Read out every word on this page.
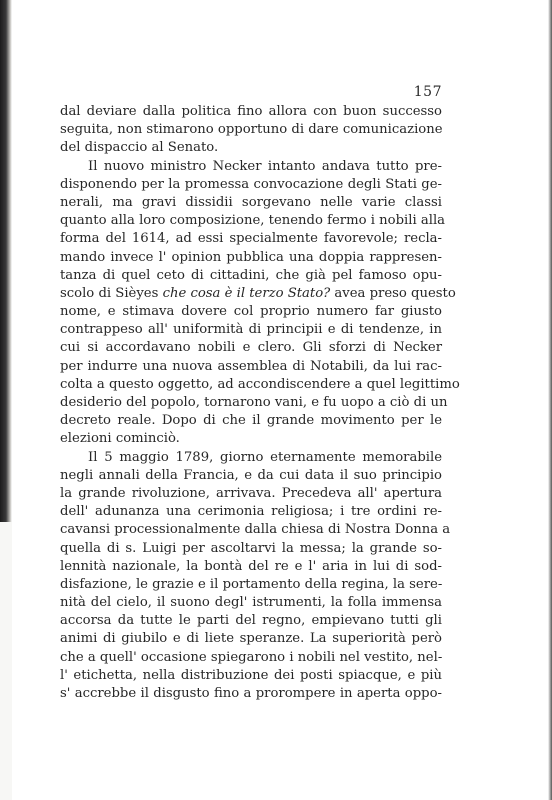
157
dal deviare dalla politica fino allora con buon successo
seguita, non stimarono opportuno di dare comunicazione
del dispaccio al Senato.
Il nuovo ministro Necker intanto andava tutto pre-
disponendo per la promessa convocazione degli Stati ge-
nerali, ma gravi dissidii sorgevano nelle varie classi
quanto alla loro composizione, tenendo fermo i nobili alla
forma del 1614, ad essi specialmente favorevole; recla-
mando invece l' opinion pubblica una doppia rappresen-
tanza di quel ceto di cittadini, che già pel famoso opu-
scolo di Sièyes che cosa è il terzo Stato? avea preso questo
nome, e stimava dovere col proprio numero far giusto
contrappeso all' uniformità di principii e di tendenze, in
cui si accordavano nobili e clero. Gli sforzi di Necker
per indurre una nuova assemblea di Notabili, da lui rac-
colta a questo oggetto, ad accondiscendere a quel legittimo
desiderio del popolo, tornarono vani, e fu uopo a ciò di un
decreto reale. Dopo di che il grande movimento per le
elezioni cominciò.
Il 5 maggio 1789, giorno eternamente memorabile
negli annali della Francia, e da cui data il suo principio
la grande rivoluzione, arrivava. Precedeva all' apertura
dell' adunanza una cerimonia religiosa; i tre ordini re-
cavansi processionalmente dalla chiesa di Nostra Donna a
quella di s. Luigi per ascoltarvi la messa; la grande so-
lennità nazionale, la bontà del re e l' aria in lui di sod-
disfazione, le grazie e il portamento della regina, la sere-
nità del cielo, il suono degl' istrumenti, la folla immensa
accorsa da tutte le parti del regno, empievano tutti gli
animi di giubilo e di liete speranze. La superiorità però
che a quell' occasione spiegarono i nobili nel vestito, nel-
l' etichetta, nella distribuzione dei posti spiacque, e più
s' accrebbe il disgusto fino a prorompere in aperta oppo-
